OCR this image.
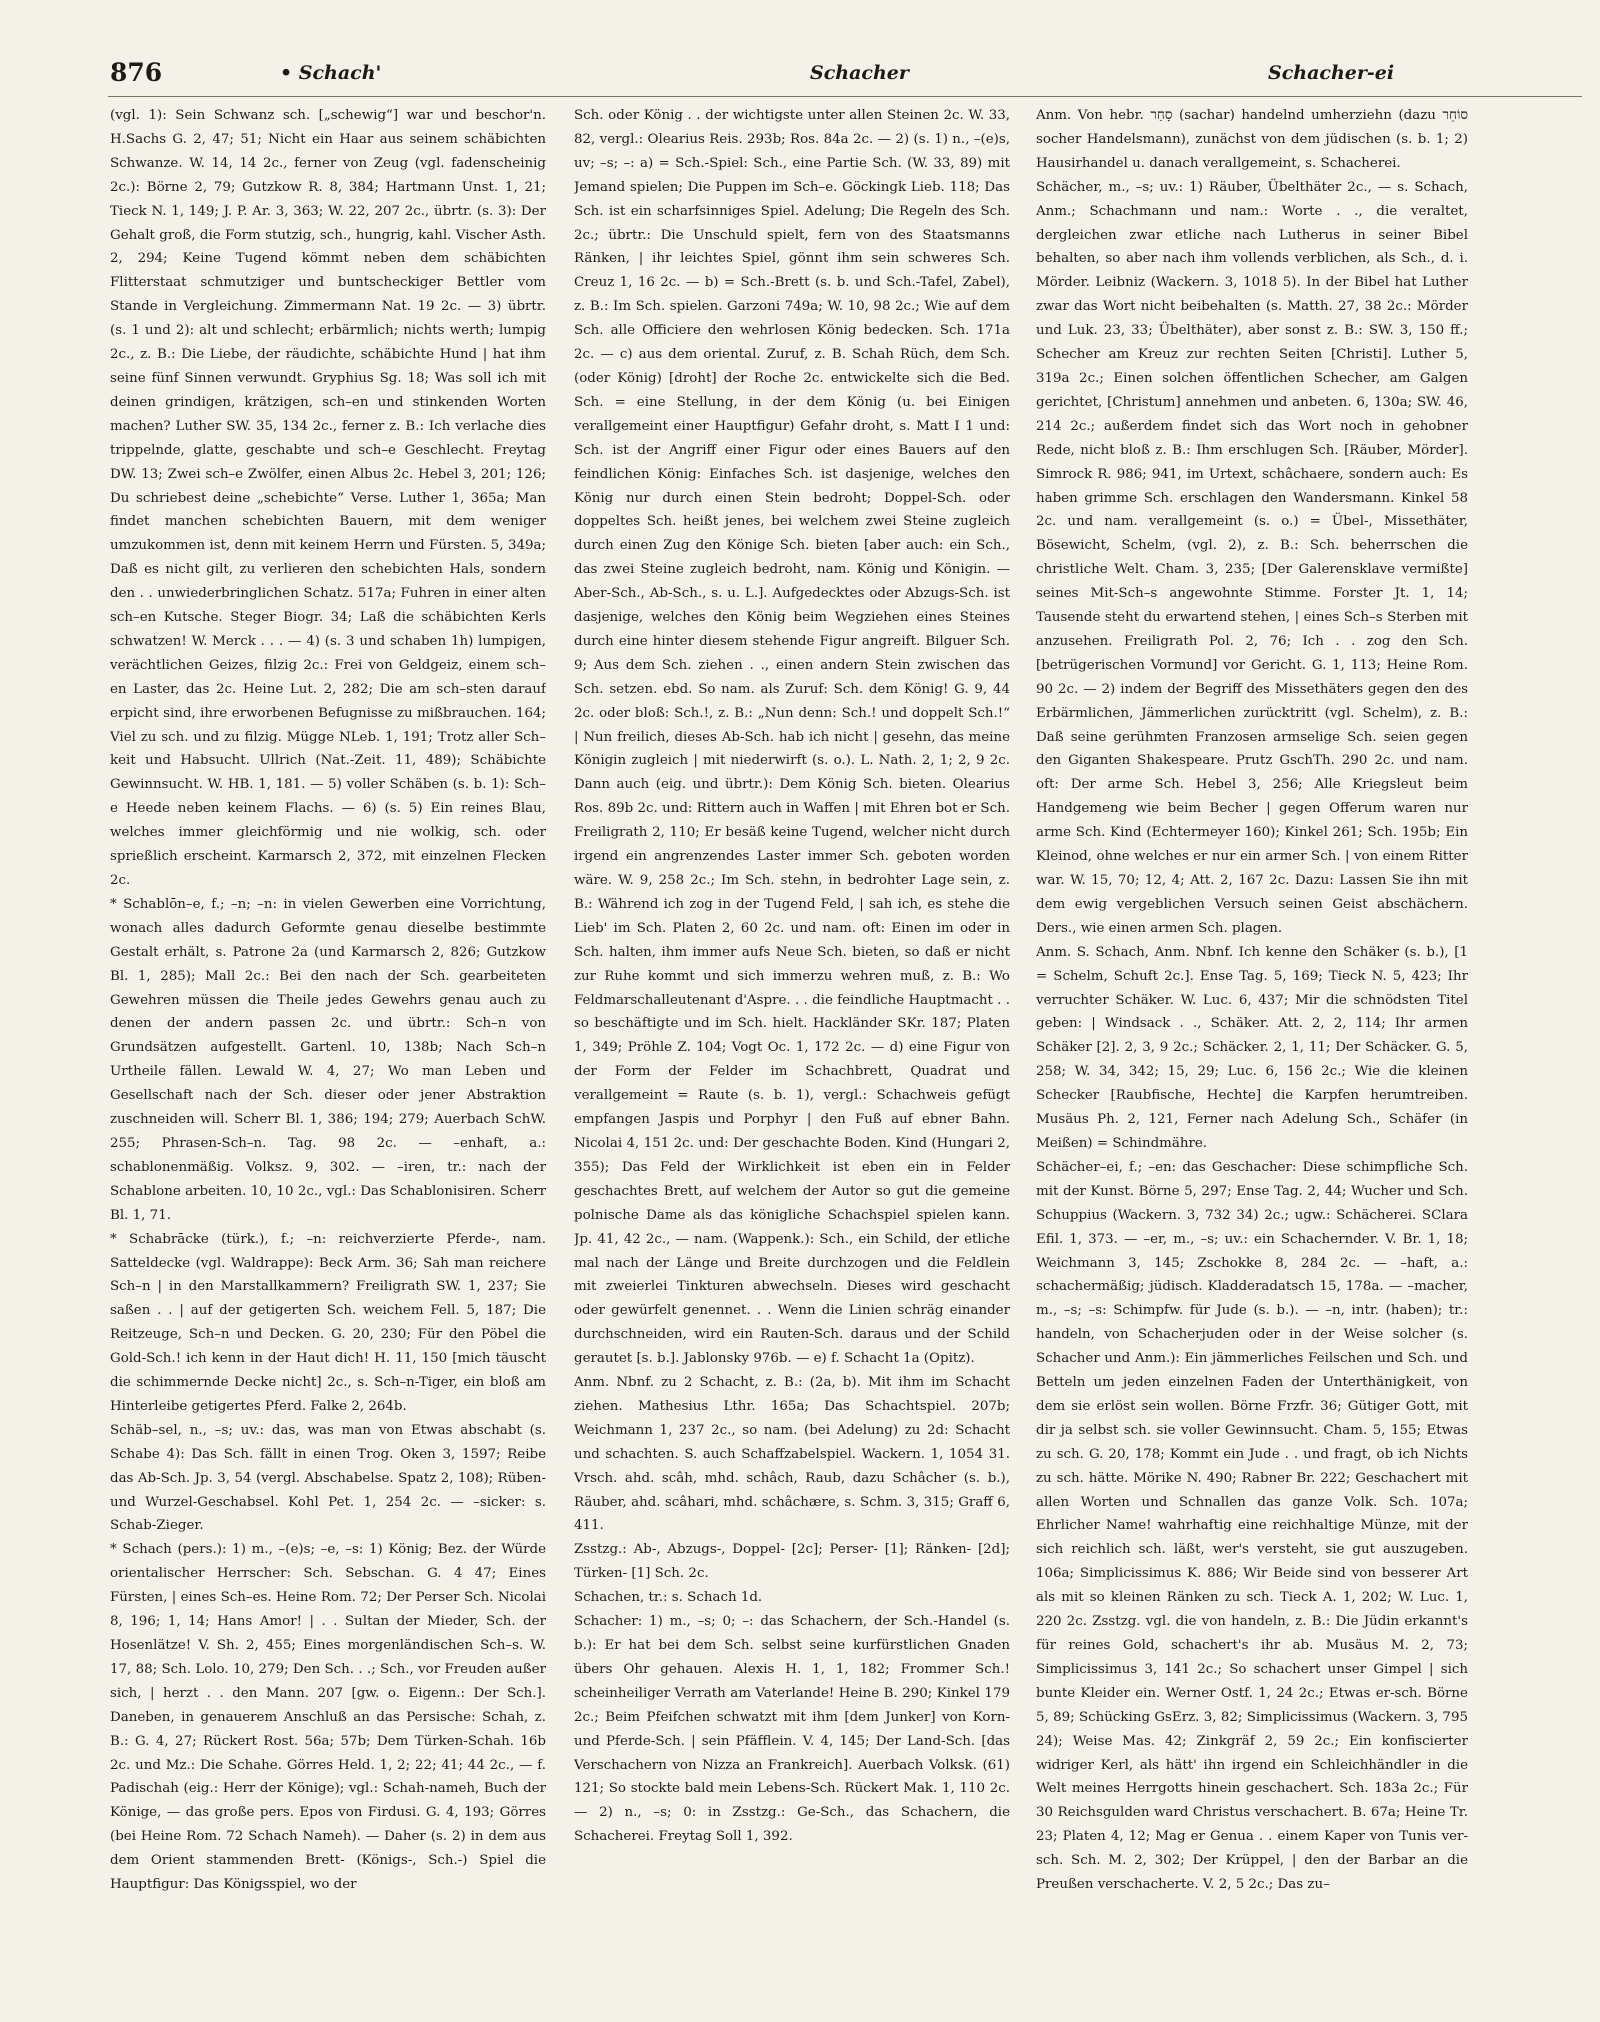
876	• Schach'	Schacher	Schacher-ei

(vgl. 1): Sein Schwanz sch. [„schewig“] war und beschor'n. H.Sachs G. 2, 47; 51; Nicht ein Haar aus seinem schäbichten Schwanze. W. 14, 14 2c., ferner von Zeug (vgl. fadenscheinig 2c.): Börne 2, 79; Gutzkow R. 8, 384; Hartmann Unst. 1, 21; Tieck N. 1, 149; J. P. Ar. 3, 363; W. 22, 207 2c., übrtr. (s. 3): Der Gehalt groß, die Form stutzig, sch., hungrig, kahl. Vischer Asth. 2, 294; Keine Tugend kömmt neben dem schäbichten Flitterstaat schmutziger und buntscheckiger Bettler vom Stande in Vergleichung. Zimmermann Nat. 19 2c. — 3) übrtr. (s. 1 und 2): alt und schlecht; erbärmlich; nichts werth; lumpig 2c., z. B.: Die Liebe, der räudichte, schäbichte Hund | hat ihm seine fünf Sinnen verwundt. Gryphius Sg. 18; Was soll ich mit deinen grindigen, krätzigen, sch–en und stinkenden Worten machen? Luther SW. 35, 134 2c., ferner z. B.: Ich verlache dies trippelnde, glatte, geschabte und sch–e Geschlecht. Freytag DW. 13; Zwei sch–e Zwölfer, einen Albus 2c. Hebel 3, 201; 126; Du schriebest deine „schebichte“ Verse. Luther 1, 365a; Man findet manchen schebichten Bauern, mit dem weniger umzukommen ist, denn mit keinem Herrn und Fürsten. 5, 349a; Daß es nicht gilt, zu verlieren den schebichten Hals, sondern den . . unwiederbringlichen Schatz. 517a; Fuhren in einer alten sch–en Kutsche. Steger Biogr. 34; Laß die schäbichten Kerls schwatzen! W. Merck . . . — 4) (s. 3 und schaben 1h) lumpigen, verächtlichen Geizes, filzig 2c.: Frei von Geldgeiz, einem sch–en Laster, das 2c. Heine Lut. 2, 282; Die am sch–sten darauf erpicht sind, ihre erworbenen Befugnisse zu mißbrauchen. 164; Viel zu sch. und zu filzig. Müggе NLeb. 1, 191; Trotz aller Sch–keit und Habsucht. Ullrich (Nat.-Zeit. 11, 489); Schäbichte Gewinnsucht. W. HB. 1, 181. — 5) voller Schäben (s. b. 1): Sch–e Heede neben keinem Flachs. — 6) (s. 5) Ein reines Blau, welches immer gleichförmig und nie wolkig, sch. oder sprießlich erscheint. Karmarsch 2, 372, mit einzelnen Flecken 2c.

* Schablōn–e, f.; –n; –n: in vielen Gewerben eine Vorrichtung, wonach alles dadurch Geformte genau dieselbe bestimmte Gestalt erhält, s. Patrone 2a (und Karmarsch 2, 826; Gutzkow Bl. 1, 285); Mall 2c.: Bei den nach der Sch. gearbeiteten Gewehren müssen die Theile jedes Gewehrs genau auch zu denen der andern passen 2c. und übrtr.: Sch–n von Grundsätzen aufgestellt. Gartenl. 10, 138b; Nach Sch–n Urtheile fällen. Lewald W. 4, 27; Wo man Leben und Gesellschaft nach der Sch. dieser oder jener Abstraktion zuschneiden will. Scherr Bl. 1, 386; 194; 279; Auerbach SchW. 255; Phrasen-Sch–n. Tag. 98 2c. — –enhaft, a.: schablonenmäßig. Volksz. 9, 302. — –iren, tr.: nach der Schablone arbeiten. 10, 10 2c., vgl.: Das Schablonisiren. Scherr Bl. 1, 71.

* Schabrācke (türk.), f.; –n: reichverzierte Pferde-, nam. Satteldecke (vgl. Waldrappe): Beck Arm. 36; Sah man reichere Sch–n | in den Marstallkammern? Freiligrath SW. 1, 237; Sie saßen . . | auf der getigerten Sch. weichem Fell. 5, 187; Die Reitzeuge, Sch–n und Decken. G. 20, 230; Für den Pöbel die Gold-Sch.! ich kenn in der Haut dich! H. 11, 150 [mich täuscht die schimmernde Decke nicht] 2c., s. Sch–n-Tiger, ein bloß am Hinterleibe getigertes Pferd. Falke 2, 264b.

Schäb–sel, n., –s; uv.: das, was man von Etwas abschabt (s. Schabe 4): Das Sch. fällt in einen Trog. Oken 3, 1597; Reibe das Ab-Sch. Jp. 3, 54 (vergl. Abschabelse. Spatz 2, 108); Rüben- und Wurzel-Geschabsel. Kohl Pet. 1, 254 2c. — –sicker: s. Schab-Zieger.

* Schach (pers.): 1) m., –(e)s; –e, –s: 1) König; Bez. der Würde orientalischer Herrscher: Sch. Sebschan. G. 4 47; Eines Fürsten, | eines Sch–es. Heine Rom. 72; Der Perser Sch. Nicolai 8, 196; 1, 14; Hans Amor! | . . Sultan der Mieder, Sch. der Hosenlätze! V. Sh. 2, 455; Eines morgenländischen Sch–s. W. 17, 88; Sch. Lolo. 10, 279; Den Sch. . .; Sch., vor Freuden außer sich, | herzt . . den Mann. 207 [gw. o. Eigenn.: Der Sch.]. Daneben, in genauerem Anschluß an das Persische: Schah, z. B.: G. 4, 27; Rückert Rost. 56a; 57b; Dem Türken-Schah. 16b 2c. und Mz.: Die Schahe. Görres Held. 1, 2; 22; 41; 44 2c., — f. Padischah (eig.: Herr der Könige); vgl.: Schah-nameh, Buch der Könige, — das große pers. Epos von Firdusi. G. 4, 193; Görres (bei Heine Rom. 72 Schach Nameh). — Daher (s. 2) in dem aus dem Orient stammenden Brett- (Königs-, Sch.-) Spiel die Hauptfigur: Das Königsspiel, wo der

Sch. oder König . . der wichtigste unter allen Steinen 2c. W. 33, 82, vergl.: Olearius Reis. 293b; Ros. 84a 2c. — 2) (s. 1) n., –(e)s, uv; –s; –: a) = Sch.-Spiel: Sch., eine Partie Sch. (W. 33, 89) mit Jemand spielen; Die Puppen im Sch–e. Göckingk Lieb. 118; Das Sch. ist ein scharfsinniges Spiel. Adelung; Die Regeln des Sch. 2c.; übrtr.: Die Unschuld spielt, fern von des Staatsmanns Ränken, | ihr leichtes Spiel, gönnt ihm sein schweres Sch. Creuz 1, 16 2c. — b) = Sch.-Brett (s. b. und Sch.-Tafel, Zabel), z. B.: Im Sch. spielen. Garzoni 749a; W. 10, 98 2c.; Wie auf dem Sch. alle Officiere den wehrlosen König bedecken. Sch. 171a 2c. — c) aus dem oriental. Zuruf, z. B. Schah Rüch, dem Sch. (oder König) [droht] der Roche 2c. entwickelte sich die Bed. Sch. = eine Stellung, in der dem König (u. bei Einigen verallgemeint einer Hauptfigur) Gefahr droht, s. Matt I 1 und: Sch. ist der Angriff einer Figur oder eines Bauers auf den feindlichen König: Einfaches Sch. ist dasjenige, welches den König nur durch einen Stein bedroht; Doppel-Sch. oder doppeltes Sch. heißt jenes, bei welchem zwei Steine zugleich durch einen Zug den Könige Sch. bieten [aber auch: ein Sch., das zwei Steine zugleich bedroht, nam. König und Königin. — Aber-Sch., Ab-Sch., s. u. L.]. Aufgedecktes oder Abzugs-Sch. ist dasjenige, welches den König beim Wegziehen eines Steines durch eine hinter diesem stehende Figur angreift. Bilguer Sch. 9; Aus dem Sch. ziehen . ., einen andern Stein zwischen das Sch. setzen. ebd. So nam. als Zuruf: Sch. dem König! G. 9, 44 2c. oder bloß: Sch.!, z. B.: „Nun denn: Sch.! und doppelt Sch.!“ | Nun freilich, dieses Ab-Sch. hab ich nicht | gesehn, das meine Königin zugleich | mit niederwirft (s. o.). L. Nath. 2, 1; 2, 9 2c. Dann auch (eig. und übrtr.): Dem König Sch. bieten. Olearius Ros. 89b 2c. und: Rittern auch in Waffen | mit Ehren bot er Sch. Freiligrath 2, 110; Er besäß keine Tugend, welcher nicht durch irgend ein angrenzendes Laster immer Sch. geboten worden wäre. W. 9, 258 2c.; Im Sch. stehn, in bedrohter Lage sein, z. B.: Während ich zog in der Tugend Feld, | sah ich, es stehe die Lieb' im Sch. Platen 2, 60 2c. und nam. oft: Einen im oder in Sch. halten, ihm immer aufs Neue Sch. bieten, so daß er nicht zur Ruhe kommt und sich immerzu wehren muß, z. B.: Wo Feldmarschalleutenant d'Aspre. . . die feindliche Hauptmacht . . so beschäftigte und im Sch. hielt. Hackländer SKr. 187; Platen 1, 349; Pröhle Z. 104; Vogt Oc. 1, 172 2c. — d) eine Figur von der Form der Felder im Schachbrett, Quadrat und verallgemeint = Raute (s. b. 1), vergl.: Schachweis gefügt empfangen Jaspis und Porphyr | den Fuß auf ebner Bahn. Nicolai 4, 151 2c. und: Der geschachte Boden. Kind (Hungari 2, 355); Das Feld der Wirklichkeit ist eben ein in Felder geschachtes Brett, auf welchem der Autor so gut die gemeine polnische Dame als das königliche Schachspiel spielen kann. Jp. 41, 42 2c., — nam. (Wappenk.): Sch., ein Schild, der etliche mal nach der Länge und Breite durchzogen und die Feldlein mit zweierlei Tinkturen abwechseln. Dieses wird geschacht oder gewürfelt genennet. . . Wenn die Linien schräg einander durchschneiden, wird ein Rauten-Sch. daraus und der Schild gerautet [s. b.]. Jablonsky 976b. — e) f. Schacht 1a (Opitz).

Anm. Nbnf. zu 2 Schacht, z. B.: (2a, b). Mit ihm im Schacht ziehen. Mathesius Lthr. 165a; Das Schachtspiel. 207b; Weichmann 1, 237 2c., so nam. (bei Adelung) zu 2d: Schacht und schachten. S. auch Schaffzabelspiel. Wackern. 1, 1054 31. Vrsch. ahd. scâh, mhd. schâch, Raub, dazu Schâcher (s. b.), Räuber, ahd. scâhari, mhd. schâchære, s. Schm. 3, 315; Graff 6, 411.

Zsstzg.: Ab-, Abzugs-, Doppel- [2c]; Perser- [1]; Ränken- [2d]; Türken- [1] Sch. 2c.

Schachen, tr.: s. Schach 1d.

Schacher: 1) m., –s; 0; –: das Schachern, der Sch.-Handel (s. b.): Er hat bei dem Sch. selbst seine kurfürstlichen Gnaden übers Ohr gehauen. Alexis H. 1, 1, 182; Frommer Sch.! scheinheiliger Verrath am Vaterlande! Heine B. 290; Kinkel 179 2c.; Beim Pfeifchen schwatzt mit ihm [dem Junker] von Korn- und Pferde-Sch. | sein Pfäfflein. V. 4, 145; Der Land-Sch. [das Verschachern von Nizza an Frankreich]. Auerbach Volksk. (61) 121; So stockte bald mein Lebens-Sch. Rückert Mak. 1, 110 2c. — 2) n., –s; 0: in Zsstzg.: Ge-Sch., das Schachern, die Schacherei. Freytag Soll 1, 392.

Anm. Von hebr. סָחַר (sachar) handelnd umherziehn (dazu סוֹחֵר socher Handelsmann), zunächst von dem jüdischen (s. b. 1; 2) Hausirhandel u. danach verallgemeint, s. Schacherei.

Schächer, m., –s; uv.: 1) Räuber, Übelthäter 2c., — s. Schach, Anm.; Schachmann und nam.: Worte . ., die veraltet, dergleichen zwar etliche nach Lutherus in seiner Bibel behalten, so aber nach ihm vollends verblichen, als Sch., d. i. Mörder. Leibniz (Wackern. 3, 1018 5). In der Bibel hat Luther zwar das Wort nicht beibehalten (s. Matth. 27, 38 2c.: Mörder und Luk. 23, 33; Übelthäter), aber sonst z. B.: SW. 3, 150 ff.; Schecher am Kreuz zur rechten Seiten [Christi]. Luther 5, 319a 2c.; Einen solchen öffentlichen Schecher, am Galgen gerichtet, [Christum] annehmen und anbeten. 6, 130a; SW. 46, 214 2c.; außerdem findet sich das Wort noch in gehobner Rede, nicht bloß z. B.: Ihm erschlugen Sch. [Räuber, Mörder]. Simrock R. 986; 941, im Urtext, schâchaere, sondern auch: Es haben grimme Sch. erschlagen den Wandersmann. Kinkel 58 2c. und nam. verallgemeint (s. o.) = Übel-, Missethäter, Bösewicht, Schelm, (vgl. 2), z. B.: Sch. beherrschen die christliche Welt. Cham. 3, 235; [Der Galerensklave vermißte] seines Mit-Sch–s angewohnte Stimme. Forster Jt. 1, 14; Tausende steht du erwartend stehen, | eines Sch–s Sterben mit anzusehen. Freiligrath Pol. 2, 76; Ich . . zog den Sch. [betrügerischen Vormund] vor Gericht. G. 1, 113; Heine Rom. 90 2c. — 2) indem der Begriff des Missethäters gegen den des Erbärmlichen, Jämmerlichen zurücktritt (vgl. Schelm), z. B.: Daß seine gerühmten Franzosen armselige Sch. seien gegen den Giganten Shakespeare. Prutz GschTh. 290 2c. und nam. oft: Der arme Sch. Hebel 3, 256; Alle Kriegsleut beim Handgemeng wie beim Becher | gegen Offerum waren nur arme Sch. Kind (Echtermeyer 160); Kinkel 261; Sch. 195b; Ein Kleinod, ohne welches er nur ein armer Sch. | von einem Ritter war. W. 15, 70; 12, 4; Att. 2, 167 2c. Dazu: Lassen Sie ihn mit dem ewig vergeblichen Versuch seinen Geist abschächern. Ders., wie einen armen Sch. plagen.

Anm. S. Schach, Anm. Nbnf. Ich kenne den Schäker (s. b.), [1 = Schelm, Schuft 2c.]. Ense Tag. 5, 169; Tieck N. 5, 423; Ihr verruchter Schäker. W. Luc. 6, 437; Mir die schnödsten Titel geben: | Windsack . ., Schäker. Att. 2, 2, 114; Ihr armen Schäker [2]. 2, 3, 9 2c.; Schäcker. 2, 1, 11; Der Schäcker. G. 5, 258; W. 34, 342; 15, 29; Luc. 6, 156 2c.; Wie die kleinen Schecker [Raubfische, Hechte] die Karpfen herumtreiben. Musäus Ph. 2, 121, Ferner nach Adelung Sch., Schäfer (in Meißen) = Schindmähre.

Schächer–ei, f.; –en: das Geschacher: Diese schimpfliche Sch. mit der Kunst. Börne 5, 297; Ense Tag. 2, 44; Wucher und Sch. Schuppius (Wackern. 3, 732 34) 2c.; ugw.: Schächerei. SClara Efil. 1, 373. — –er, m., –s; uv.: ein Schachernder. V. Br. 1, 18; Weichmann 3, 145; Zschokke 8, 284 2c. — –haft, a.: schachermäßig; jüdisch. Kladderadatsch 15, 178a. — –macher, m., –s; –s: Schimpfw. für Jude (s. b.). — –n, intr. (haben); tr.: handeln, von Schacherjuden oder in der Weise solcher (s. Schacher und Anm.): Ein jämmerliches Feilschen und Sch. und Betteln um jeden einzelnen Faden der Unterthänigkeit, von dem sie erlöst sein wollen. Börne Frzfr. 36; Gütiger Gott, mit dir ja selbst sch. sie voller Gewinnsucht. Cham. 5, 155; Etwas zu sch. G. 20, 178; Kommt ein Jude . . und fragt, ob ich Nichts zu sch. hätte. Mörike N. 490; Rabner Br. 222; Geschachert mit allen Worten und Schnallen das ganze Volk. Sch. 107a; Ehrlicher Name! wahrhaftig eine reichhaltige Münze, mit der sich reichlich sch. läßt, wer's versteht, sie gut auszugeben. 106a; Simplicissimus K. 886; Wir Beide sind von besserer Art als mit so kleinen Ränken zu sch. Tieck A. 1, 202; W. Luc. 1, 220 2c. Zsstzg. vgl. die von handeln, z. B.: Die Jüdin erkannt's für reines Gold, schachert's ihr ab. Musäus M. 2, 73; Simplicissimus 3, 141 2c.; So schachert unser Gimpel | sich bunte Kleider ein. Werner Ostf. 1, 24 2c.; Etwas er-sch. Börne 5, 89; Schücking GsErz. 3, 82; Simplicissimus (Wackern. 3, 795 24); Weise Mas. 42; Zinkgräf 2, 59 2c.; Ein konfiscierter widriger Kerl, als hätt' ihn irgend ein Schleichhändler in die Welt meines Herrgotts hinein geschachert. Sch. 183a 2c.; Für 30 Reichsgulden ward Christus verschachert. B. 67a; Heine Tr. 23; Platen 4, 12; Mag er Genua . . einem Kaper von Tunis ver-sch. Sch. M. 2, 302; Der Krüppel, | den der Barbar an die Preußen verschacherte. V. 2, 5 2c.; Das zu–
